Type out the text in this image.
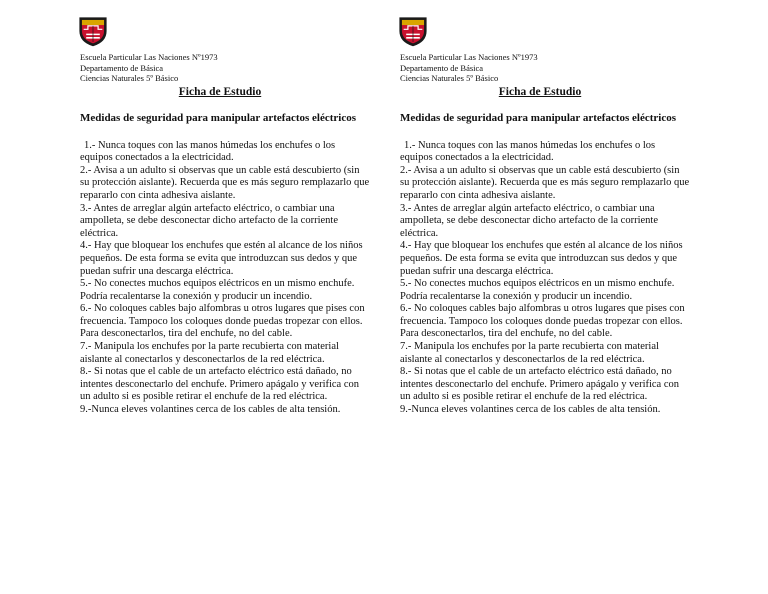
Escuela Particular Las Naciones Nº1973
Departamento de Básica
Ciencias Naturales 5º Básico
Ficha de Estudio
Medidas de seguridad para manipular artefactos eléctricos
1.- Nunca toques con las manos húmedas los enchufes o los equipos conectados a la electricidad.
2.- Avisa a un adulto si observas que un cable está descubierto (sin su protección aislante). Recuerda que es más seguro remplazarlo que repararlo con cinta adhesiva aislante.
3.- Antes de arreglar algún artefacto eléctrico, o cambiar una ampolleta, se debe desconectar dicho artefacto de la corriente eléctrica.
4.- Hay que bloquear los enchufes que estén al alcance de los niños pequeños. De esta forma se evita que introduzcan sus dedos y que puedan sufrir una descarga eléctrica.
5.- No conectes muchos equipos eléctricos en un mismo enchufe. Podría recalentarse la conexión y producir un incendio.
6.- No coloques cables bajo alfombras u otros lugares que pises con frecuencia. Tampoco los coloques donde puedas tropezar con ellos. Para desconectarlos, tira del enchufe, no del cable.
7.- Manipula los enchufes por la parte recubierta con material aislante al conectarlos y desconectarlos de la red eléctrica.
8.- Si notas que el cable de un artefacto eléctrico está dañado, no intentes desconectarlo del enchufe. Primero apágalo y verifica con un adulto si es posible retirar el enchufe de la red eléctrica.
9.-Nunca eleves volantines cerca de los cables de alta tensión.
Escuela Particular Las Naciones Nº1973
Departamento de Básica
Ciencias Naturales 5º Básico
Ficha de Estudio
Medidas de seguridad para manipular artefactos eléctricos
1.- Nunca toques con las manos húmedas los enchufes o los equipos conectados a la electricidad.
2.- Avisa a un adulto si observas que un cable está descubierto (sin su protección aislante). Recuerda que es más seguro remplazarlo que repararlo con cinta adhesiva aislante.
3.- Antes de arreglar algún artefacto eléctrico, o cambiar una ampolleta, se debe desconectar dicho artefacto de la corriente eléctrica.
4.- Hay que bloquear los enchufes que estén al alcance de los niños pequeños. De esta forma se evita que introduzcan sus dedos y que puedan sufrir una descarga eléctrica.
5.- No conectes muchos equipos eléctricos en un mismo enchufe. Podría recalentarse la conexión y producir un incendio.
6.- No coloques cables bajo alfombras u otros lugares que pises con frecuencia. Tampoco los coloques donde puedas tropezar con ellos. Para desconectarlos, tira del enchufe, no del cable.
7.- Manipula los enchufes por la parte recubierta con material aislante al conectarlos y desconectarlos de la red eléctrica.
8.- Si notas que el cable de un artefacto eléctrico está dañado, no intentes desconectarlo del enchufe. Primero apágalo y verifica con un adulto si es posible retirar el enchufe de la red eléctrica.
9.-Nunca eleves volantines cerca de los cables de alta tensión.
